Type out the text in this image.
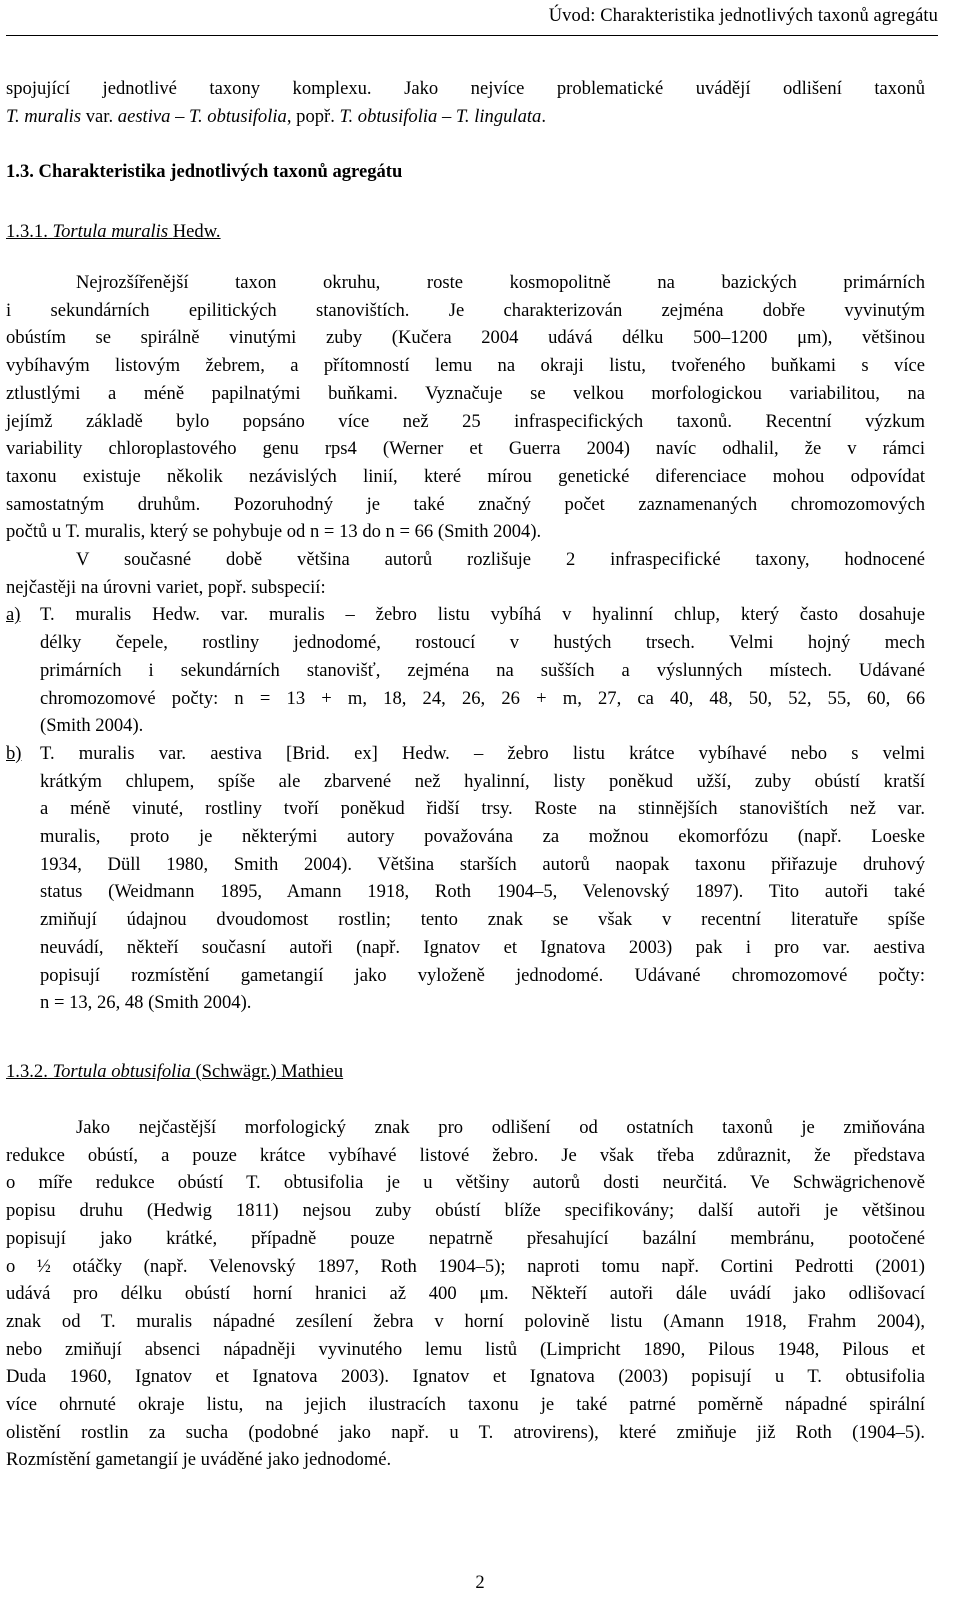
Úvod: Charakteristika jednotlivých taxonů agregátu
spojující jednotlivé taxony komplexu. Jako nejvíce problematické uvádějí odlišení taxonů
T. muralis var. aestiva – T. obtusifolia, popř. T. obtusifolia – T. lingulata.
1.3. Charakteristika jednotlivých taxonů agregátu
1.3.1. Tortula muralis Hedw.
Nejrozšířenější taxon okruhu, roste kosmopolitně na bazických primárních
i sekundárních epilitických stanovištích. Je charakterizován zejména dobře vyvinutým
obústím se spirálně vinutými zuby (Kučera 2004 udává délku 500–1200 μm), většinou
vybíhavým listovým žebrem, a přítomností lemu na okraji listu, tvořeného buňkami s více
ztlustlými a méně papilnatými buňkami. Vyznačuje se velkou morfologickou variabilitou, na
jejímž základě bylo popsáno více než 25 infraspecifických taxonů. Recentní výzkum
variability chloroplastového genu rps4 (Werner et Guerra 2004) navíc odhalil, že v rámci
taxonu existuje několik nezávislých linií, které mírou genetické diferenciace mohou odpovídat
samostatným druhům. Pozoruhodný je také značný počet zaznamenaných chromozomových
počtů u T. muralis, který se pohybuje od n = 13 do n = 66 (Smith 2004).
V současné době většina autorů rozlišuje 2 infraspecifické taxony, hodnocené
nejčastěji na úrovni variet, popř. subspecií:
a) T. muralis Hedw. var. muralis – žebro listu vybíhá v hyalinní chlup, který často dosahuje
délky čepele, rostliny jednodomé, rostoucí v hustých trsech. Velmi hojný mech
primárních i sekundárních stanovišť, zejména na sušších a výslunných místech. Udávané
chromozomové počty: n = 13 + m, 18, 24, 26, 26 + m, 27, ca 40, 48, 50, 52, 55, 60, 66
(Smith 2004).
b) T. muralis var. aestiva [Brid. ex] Hedw. – žebro listu krátce vybíhavé nebo s velmi
krátkým chlupem, spíše ale zbarvené než hyalinní, listy poněkud užší, zuby obústí kratší
a méně vinuté, rostliny tvoří poněkud řidší trsy. Roste na stinnějších stanovištích než var.
muralis, proto je některými autory považována za možnou ekomorfózu (např. Loeske
1934, Düll 1980, Smith 2004). Většina starších autorů naopak taxonu přiřazuje druhový
status (Weidmann 1895, Amann 1918, Roth 1904–5, Velenovský 1897). Tito autoři také
zmiňují údajnou dvoudomost rostlin; tento znak se však v recentní literatuře spíše
neuvádí, někteří současní autoři (např. Ignatov et Ignatova 2003) pak i pro var. aestiva
popisují rozmístění gametangií jako vyloženě jednodomé. Udávané chromozomové počty:
n = 13, 26, 48 (Smith 2004).
1.3.2. Tortula obtusifolia (Schwägr.) Mathieu
Jako nejčastější morfologický znak pro odlišení od ostatních taxonů je zmiňována
redukce obústí, a pouze krátce vybíhavé listové žebro. Je však třeba zdůraznit, že představa
o míře redukce obústí T. obtusifolia je u většiny autorů dosti neurčitá. Ve Schwägrichenově
popisu druhu (Hedwig 1811) nejsou zuby obústí blíže specifikovány; další autoři je většinou
popisují jako krátké, případně pouze nepatrně přesahující bazální membránu, pootočené
o ½ otáčky (např. Velenovský 1897, Roth 1904–5); naproti tomu např. Cortini Pedrotti (2001)
udává pro délku obústí horní hranici až 400 μm. Někteří autoři dále uvádí jako odlišovací
znak od T. muralis nápadné zesílení žebra v horní polovině listu (Amann 1918, Frahm 2004),
nebo zmiňují absenci nápadněji vyvinutého lemu listů (Limpricht 1890, Pilous 1948, Pilous et
Duda 1960, Ignatov et Ignatova 2003). Ignatov et Ignatova (2003) popisují u T. obtusifolia
více ohrnuté okraje listu, na jejich ilustracích taxonu je také patrné poměrně nápadné spirální
olistění rostlin za sucha (podobné jako např. u T. atrovirens), které zmiňuje již Roth (1904–5).
Rozmístění gametangií je uváděné jako jednodomé.
2
